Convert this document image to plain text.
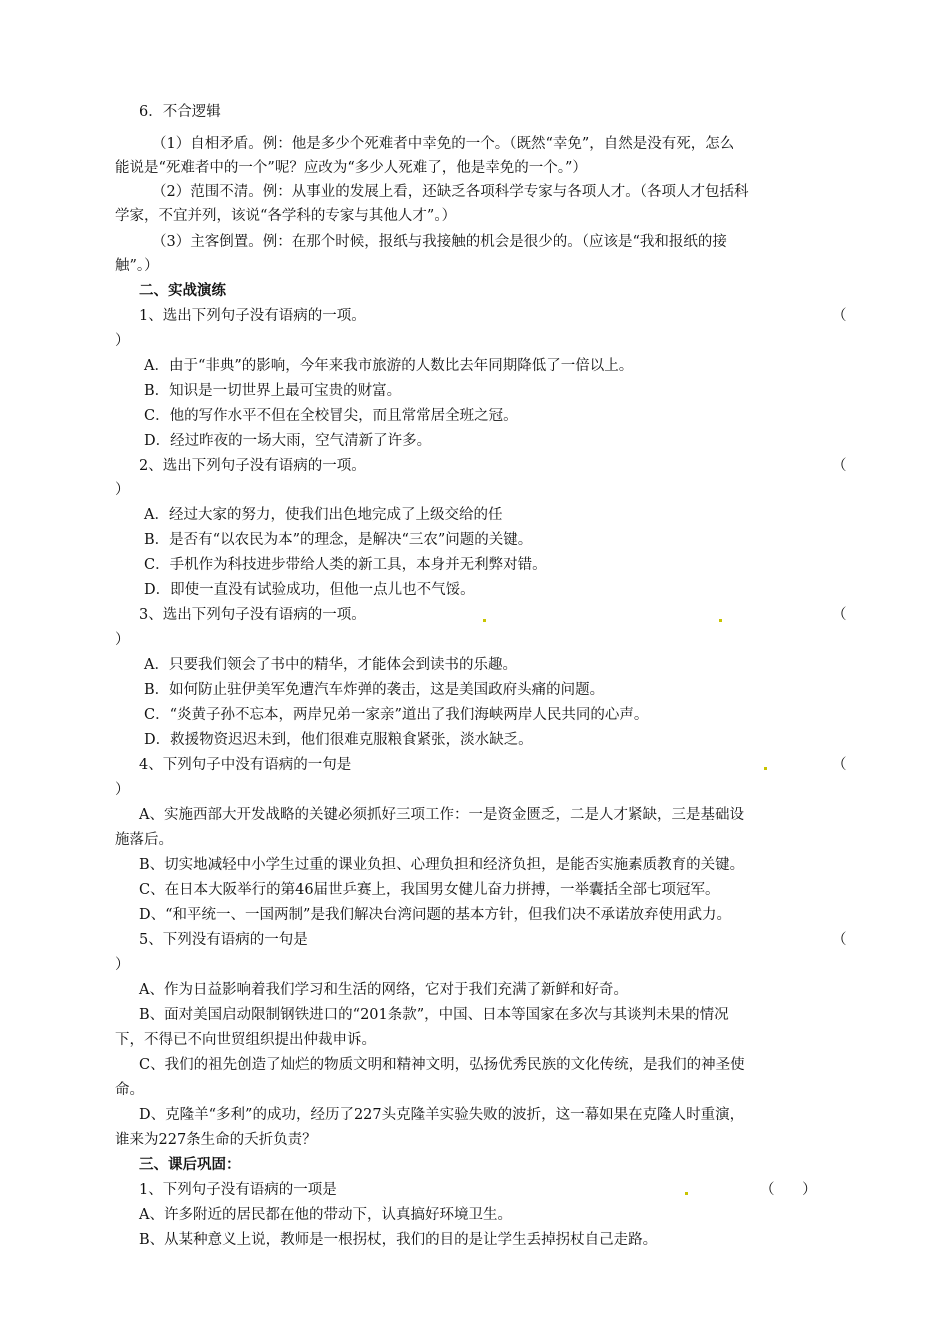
6．不合逻辑
（1）自相矛盾。例：他是多少个死难者中幸免的一个。（既然“幸免”，自然是没有死，怎么
能说是“死难者中的一个”呢？应改为“多少人死难了，他是幸免的一个。”）
（2）范围不清。例：从事业的发展上看，还缺乏各项科学专家与各项人才。（各项人才包括科
学家，不宜并列，该说“各学科的专家与其他人才”。）
（3）主客倒置。例：在那个时候，报纸与我接触的机会是很少的。（应该是“我和报纸的接
触”。）
二、实战演练
1、选出下列句子没有语病的一项。	（
）
A．由于“非典”的影响，今年来我市旅游的人数比去年同期降低了一倍以上。
B．知识是一切世界上最可宝贵的财富。
C．他的写作水平不但在全校冒尖，而且常常居全班之冠。
D．经过昨夜的一场大雨，空气清新了许多。
2、选出下列句子没有语病的一项。	（
）
A．经过大家的努力，使我们出色地完成了上级交给的任
B．是否有“以农民为本”的理念，是解决“三农”问题的关键。
C．手机作为科技进步带给人类的新工具，本身并无利弊对错。
D．即使一直没有试验成功，但他一点儿也不气馁。
3、选出下列句子没有语病的一项。	（
）
A．只要我们领会了书中的精华，才能体会到读书的乐趣。
B．如何防止驻伊美军免遭汽车炸弹的袭击，这是美国政府头痛的问题。
C．“炎黄子孙不忘本，两岸兄弟一家亲”道出了我们海峡两岸人民共同的心声。
D．救援物资迟迟未到，他们很难克服粮食紧张，淡水缺乏。
4、下列句子中没有语病的一句是	（
）
A、实施西部大开发战略的关键必须抓好三项工作：一是资金匮乏，二是人才紧缺，三是基础设
施落后。
B、切实地减轻中小学生过重的课业负担、心理负担和经济负担，是能否实施素质教育的关键。
C、在日本大阪举行的第46届世乒赛上，我国男女健儿奋力拼搏，一举囊括全部七项冠军。
D、“和平统一、一国两制”是我们解决台湾问题的基本方针，但我们决不承诺放弃使用武力。
5、下列没有语病的一句是	（
）
A、作为日益影响着我们学习和生活的网络，它对于我们充满了新鲜和好奇。
B、面对美国启动限制钢铁进口的“201条款”，中国、日本等国家在多次与其谈判未果的情况
下，不得已不向世贸组织提出仲裁申诉。
C、我们的祖先创造了灿烂的物质文明和精神文明，弘扬优秀民族的文化传统，是我们的神圣使
命。
D、克隆羊“多利”的成功，经历了227头克隆羊实验失败的波折，这一幕如果在克隆人时重演，
谁来为227条生命的夭折负责？
三、课后巩固：
1、下列句子没有语病的一项是	（      ）
A、许多附近的居民都在他的带动下，认真搞好环境卫生。
B、从某种意义上说，教师是一根拐杖，我们的目的是让学生丢掉拐杖自己走路。
